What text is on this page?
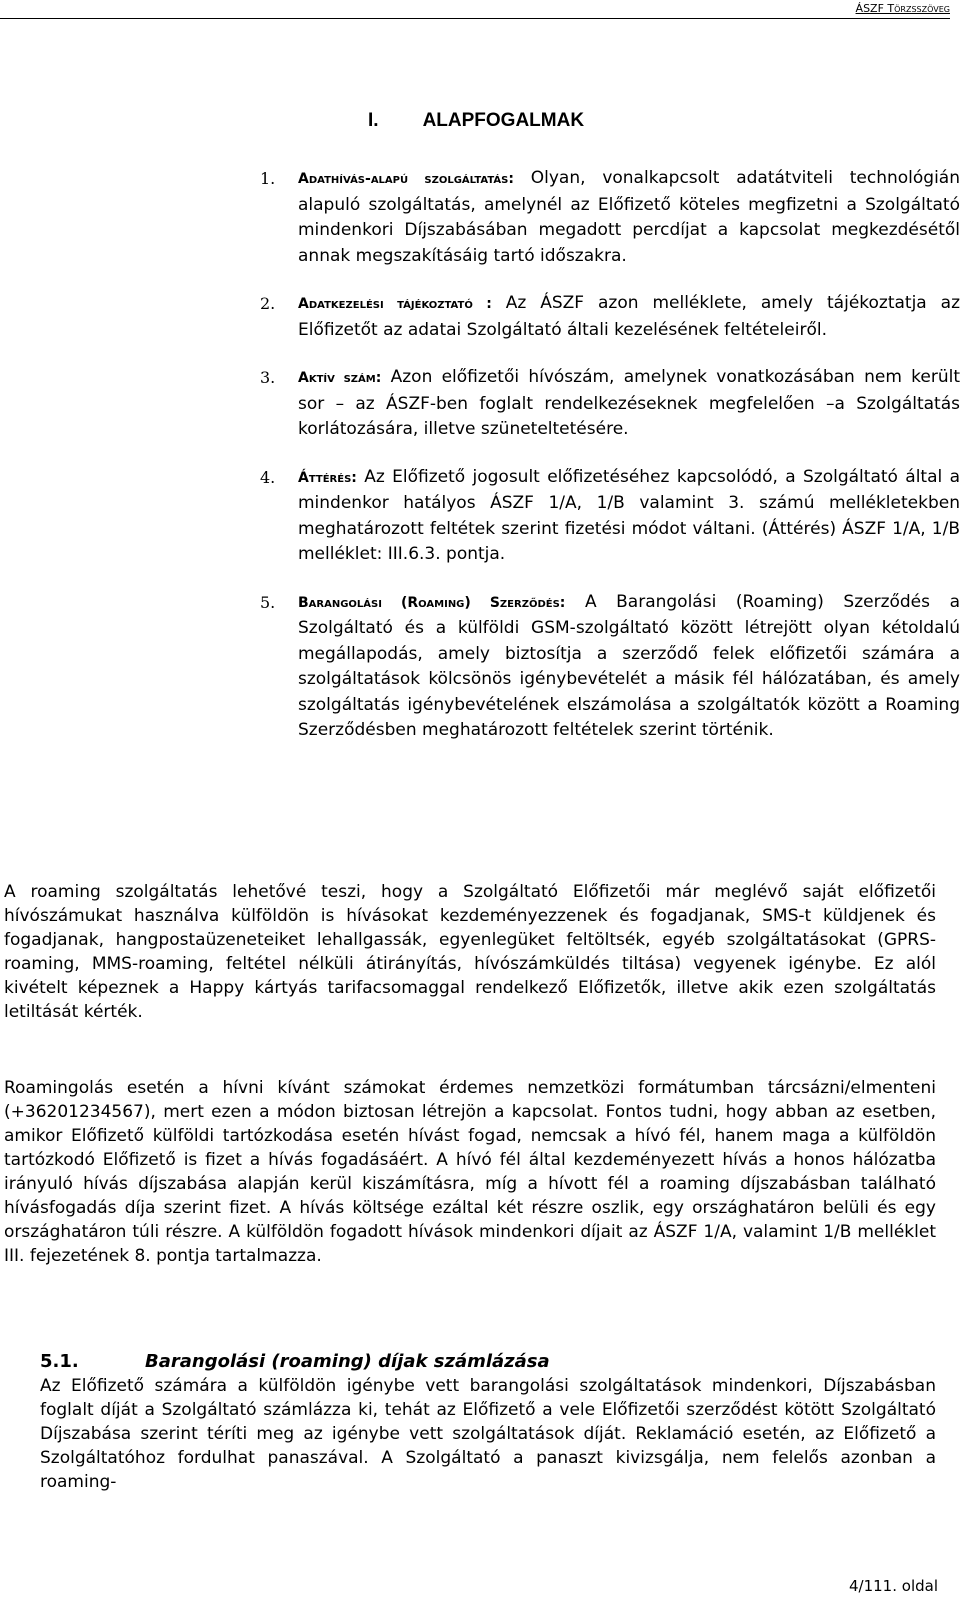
ÁSZF Törzsszöveg
I. ALAPFOGALMAK
1. Adathívás-alapú szolgáltatás: Olyan, vonalkapcsolt adatátviteli technológián alapuló szolgáltatás, amelynél az Előfizető köteles megfizetni a Szolgáltató mindenkori Díjszabásában megadott percdíjat a kapcsolat megkezdésétől annak megszakításáig tartó időszakra.
2. Adatkezelési tájékoztató : Az ÁSZF azon melléklete, amely tájékoztatja az Előfizetőt az adatai Szolgáltató általi kezelésének feltételeiről.
3. Aktív szám: Azon előfizetői hívószám, amelynek vonatkozásában nem került sor – az ÁSZF-ben foglalt rendelkezéseknek megfelelően –a Szolgáltatás korlátozására, illetve szüneteltetésére.
4. Áttérés: Az Előfizető jogosult előfizetéséhez kapcsolódó, a Szolgáltató által a mindenkor hatályos ÁSZF 1/A, 1/B valamint 3. számú mellékletekben meghatározott feltétek szerint fizetési módot váltani. (Áttérés) ÁSZF 1/A, 1/B melléklet: III.6.3. pontja.
5. Barangolási (Roaming) Szerződés: A Barangolási (Roaming) Szerződés a Szolgáltató és a külföldi GSM-szolgáltató között létrejött olyan kétoldalú megállapodás, amely biztosítja a szerződő felek előfizetői számára a szolgáltatások kölcsönös igénybevételét a másik fél hálózatában, és amely szolgáltatás igénybevételének elszámolása a szolgáltatók között a Roaming Szerződésben meghatározott feltételek szerint történik.
A roaming szolgáltatás lehetővé teszi, hogy a Szolgáltató Előfizetői már meglévő saját előfizetői hívószámukat használva külföldön is hívásokat kezdeményezzenek és fogadjanak, SMS-t küldjenek és fogadjanak, hangpostaüzeneteiket lehallgassák, egyenlegüket feltöltsék, egyéb szolgáltatásokat (GPRS-roaming, MMS-roaming, feltétel nélküli átirányítás, hívószámküldés tiltása) vegyenek igénybe. Ez alól kivételt képeznek a Happy kártyás tarifacsomaggal rendelkező Előfizetők, illetve akik ezen szolgáltatás letiltását kérték.
Roamingolás esetén a hívni kívánt számokat érdemes nemzetközi formátumban tárcsázni/elmenteni (+36201234567), mert ezen a módon biztosan létrejön a kapcsolat. Fontos tudni, hogy abban az esetben, amikor Előfizető külföldi tartózkodása esetén hívást fogad, nemcsak a hívó fél, hanem maga a külföldön tartózkodó Előfizető is fizet a hívás fogadásáért. A hívó fél által kezdeményezett hívás a honos hálózatba irányuló hívás díjszabása alapján kerül kiszámításra, míg a hívott fél a roaming díjszabásban található hívásfogadás díja szerint fizet. A hívás költsége ezáltal két részre oszlik, egy országhatáron belüli és egy országhatáron túli részre. A külföldön fogadott hívások mindenkori díjait az ÁSZF 1/A, valamint 1/B melléklet III. fejezetének 8. pontja tartalmazza.
5.1.	Barangolási (roaming) díjak számlázása
Az Előfizető számára a külföldön igénybe vett barangolási szolgáltatások mindenkori, Díjszabásban foglalt díját a Szolgáltató számlázza ki, tehát az Előfizető a vele Előfizetői szerződést kötött Szolgáltató Díjszabása szerint téríti meg az igénybe vett szolgáltatások díját. Reklamáció esetén, az Előfizető a Szolgáltatóhoz fordulhat panaszával. A Szolgáltató a panaszt kivizsgálja, nem felelős azonban a roaming-
4/111. oldal
